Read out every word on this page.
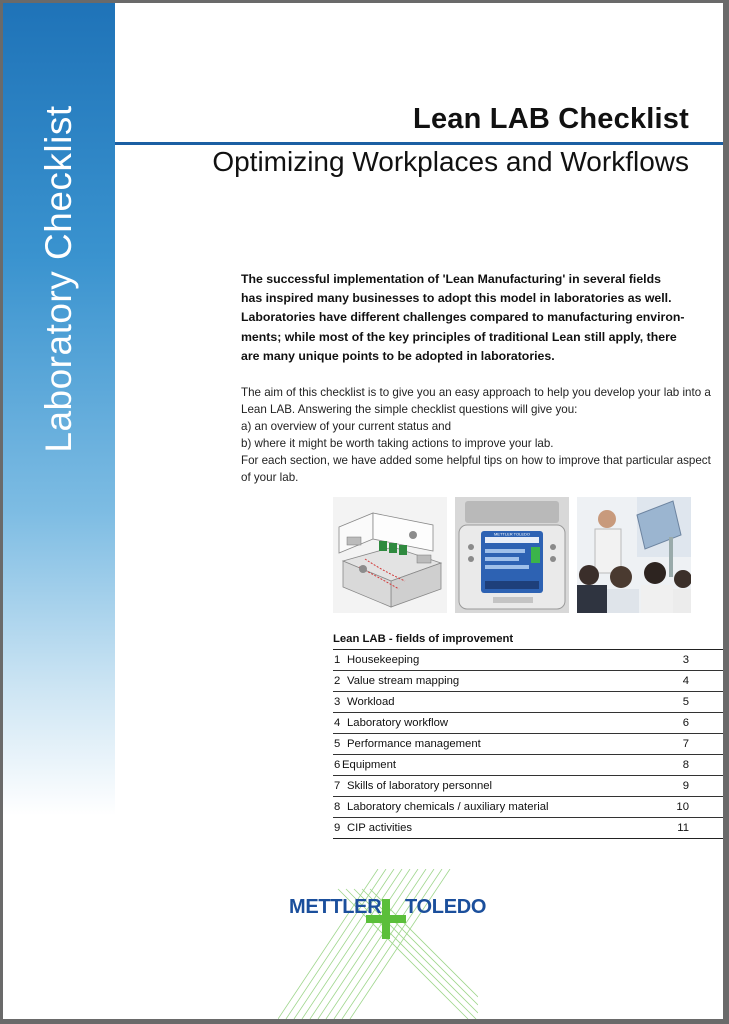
Laboratory Checklist	Lean LAB Checklist
Optimizing Workplaces and Workflows
The successful implementation of 'Lean Manufacturing' in several fields
has inspired many businesses to adopt this model in laboratories as well.
Laboratories have different challenges compared to manufacturing environ-
ments; while most of the key principles of traditional Lean still apply, there
are many unique points to be adopted in laboratories.
The aim of this checklist is to give you an easy approach to help you develop your lab into a
Lean LAB. Answering the simple checklist questions will give you:
a) an overview of your current status and
b) where it might be worth taking actions to improve your lab.
For each section, we have added some helpful tips on how to improve that particular aspect
of your lab.
METTLER TOLEDO
Lean LAB - fields of improvement
1 Housekeeping	3
2 Value stream mapping	4
3 Workload	5
4 Laboratory workflow	6
5 Performance management	7
6 Equipment	8
7 Skills of laboratory personnel	9
8 Laboratory chemicals / auxiliary material	10
9 CIP activities	11
METTLER TOLEDO
